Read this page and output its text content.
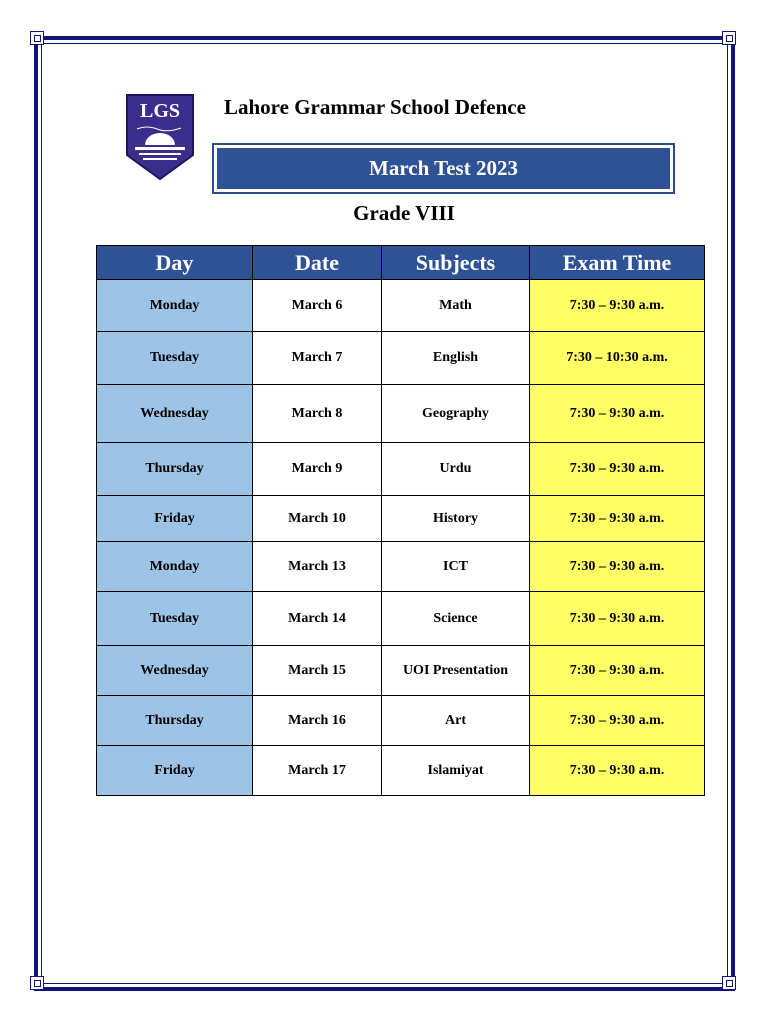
LGS Lahore Grammar School Defence
March Test 2023
Grade VIII
Day	Date	Subjects	Exam Time
Monday	March 6	Math	7:30 – 9:30 a.m.
Tuesday	March 7	English	7:30 – 10:30 a.m.
Wednesday	March 8	Geography	7:30 – 9:30 a.m.
Thursday	March 9	Urdu	7:30 – 9:30 a.m.
Friday	March 10	History	7:30 – 9:30 a.m.
Monday	March 13	ICT	7:30 – 9:30 a.m.
Tuesday	March 14	Science	7:30 – 9:30 a.m.
Wednesday	March 15	UOI Presentation	7:30 – 9:30 a.m.
Thursday	March 16	Art	7:30 – 9:30 a.m.
Friday	March 17	Islamiyat	7:30 – 9:30 a.m.
